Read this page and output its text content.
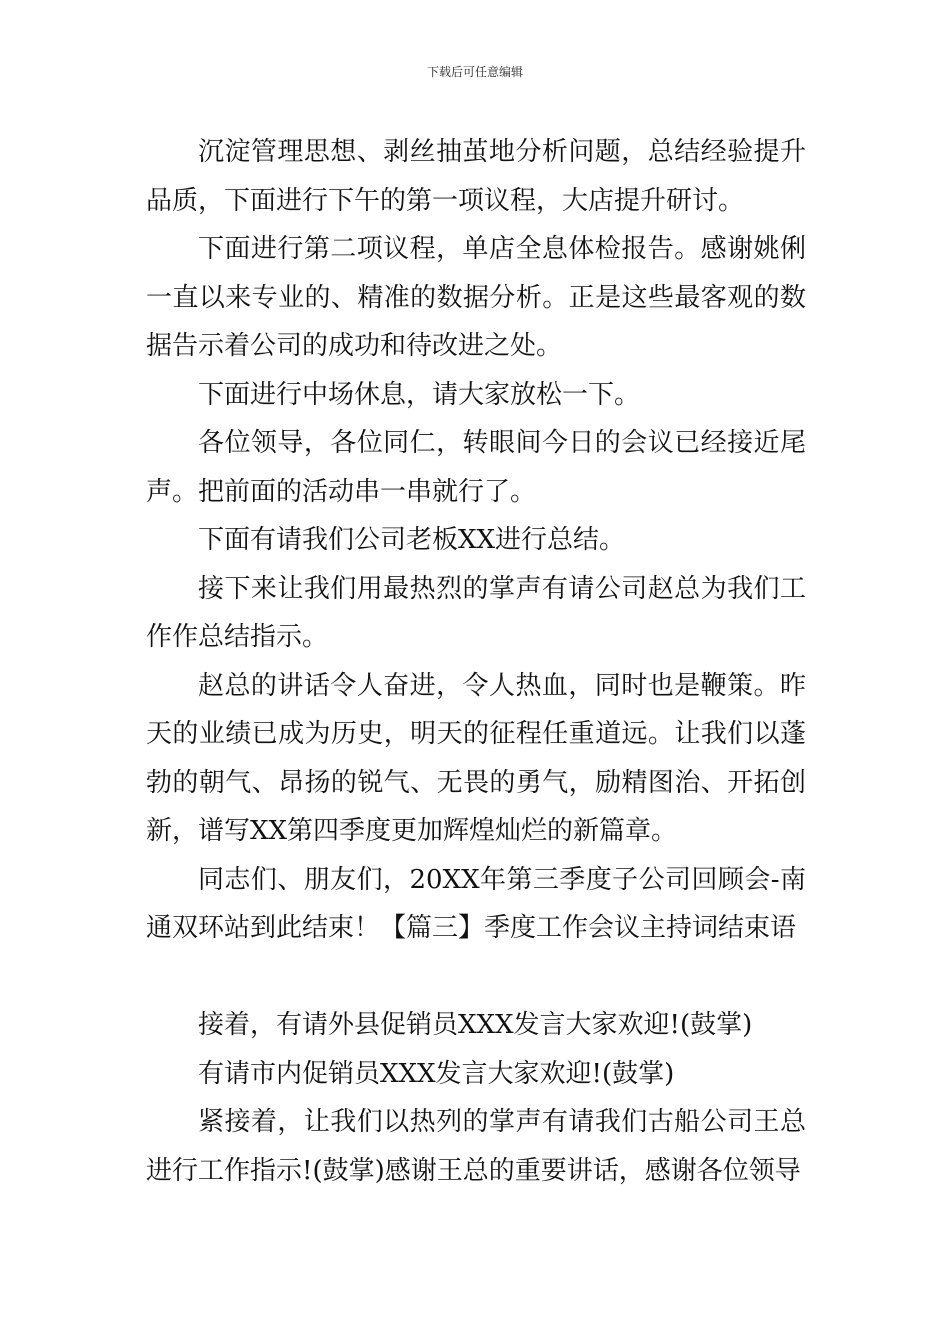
下载后可任意编辑

沉淀管理思想、剥丝抽茧地分析问题，总结经验提升品质，下面进行下午的第一项议程，大店提升研讨。

下面进行第二项议程，单店全息体检报告。感谢姚俐一直以来专业的、精准的数据分析。正是这些最客观的数据告示着公司的成功和待改进之处。

下面进行中场休息，请大家放松一下。

各位领导，各位同仁，转眼间今日的会议已经接近尾声。把前面的活动串一串就行了。

下面有请我们公司老板XX进行总结。

接下来让我们用最热烈的掌声有请公司赵总为我们工作作总结指示。

赵总的讲话令人奋进，令人热血，同时也是鞭策。昨天的业绩已成为历史，明天的征程任重道远。让我们以蓬勃的朝气、昂扬的锐气、无畏的勇气，励精图治、开拓创新，谱写XX第四季度更加辉煌灿烂的新篇章。

同志们、朋友们，20XX年第三季度子公司回顾会-南通双环站到此结束！【篇三】季度工作会议主持词结束语

接着，有请外县促销员XXX发言大家欢迎!(鼓掌)

有请市内促销员XXX发言大家欢迎!(鼓掌)

紧接着，让我们以热列的掌声有请我们古船公司王总进行工作指示!(鼓掌)感谢王总的重要讲话，感谢各位领导
